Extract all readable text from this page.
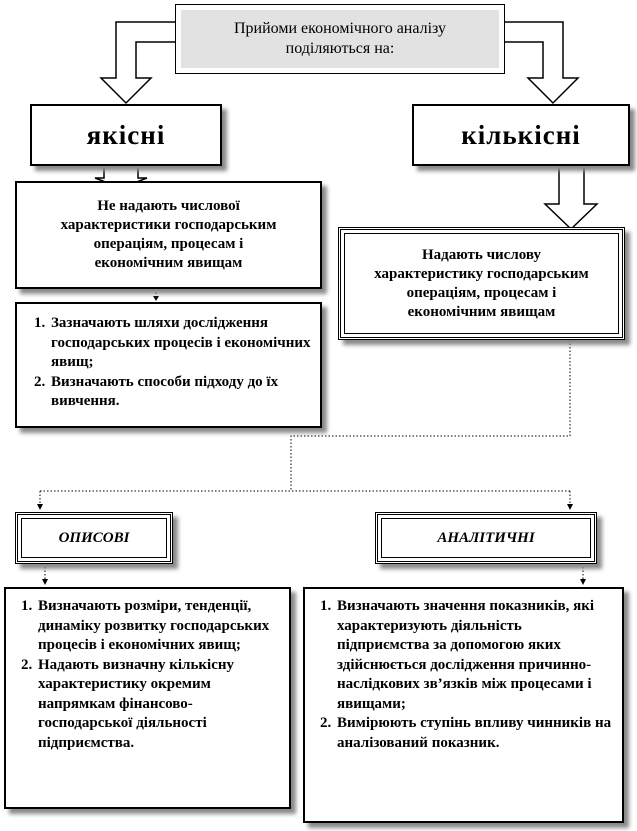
Прийоми економічного аналізу
поділяються на:
якісні	кількісні
Не надають числової
характеристики господарським
операціям, процесам і
економічним явищам
Надають числову
характеристику господарським
операціям, процесам і
економічним явищам
1. Зазначають шляхи дослідження господарських процесів і економічних явищ;
2. Визначають способи підходу до їх вивчення.
ОПИСОВІ	АНАЛІТИЧНІ
1. Визначають розміри, тенденції, динаміку розвитку господарських процесів і економічних явищ;
2. Надають визначну кількісну характеристику окремим напрямкам фінансово-господарської діяльності підприємства.
1. Визначають значення показників, які характеризують діяльність підприємства за допомогою яких здійснюється дослідження причинно-наслідкових зв’язків між процесами і явищами;
2. Вимірюють ступінь впливу чинників на аналізований показник.
